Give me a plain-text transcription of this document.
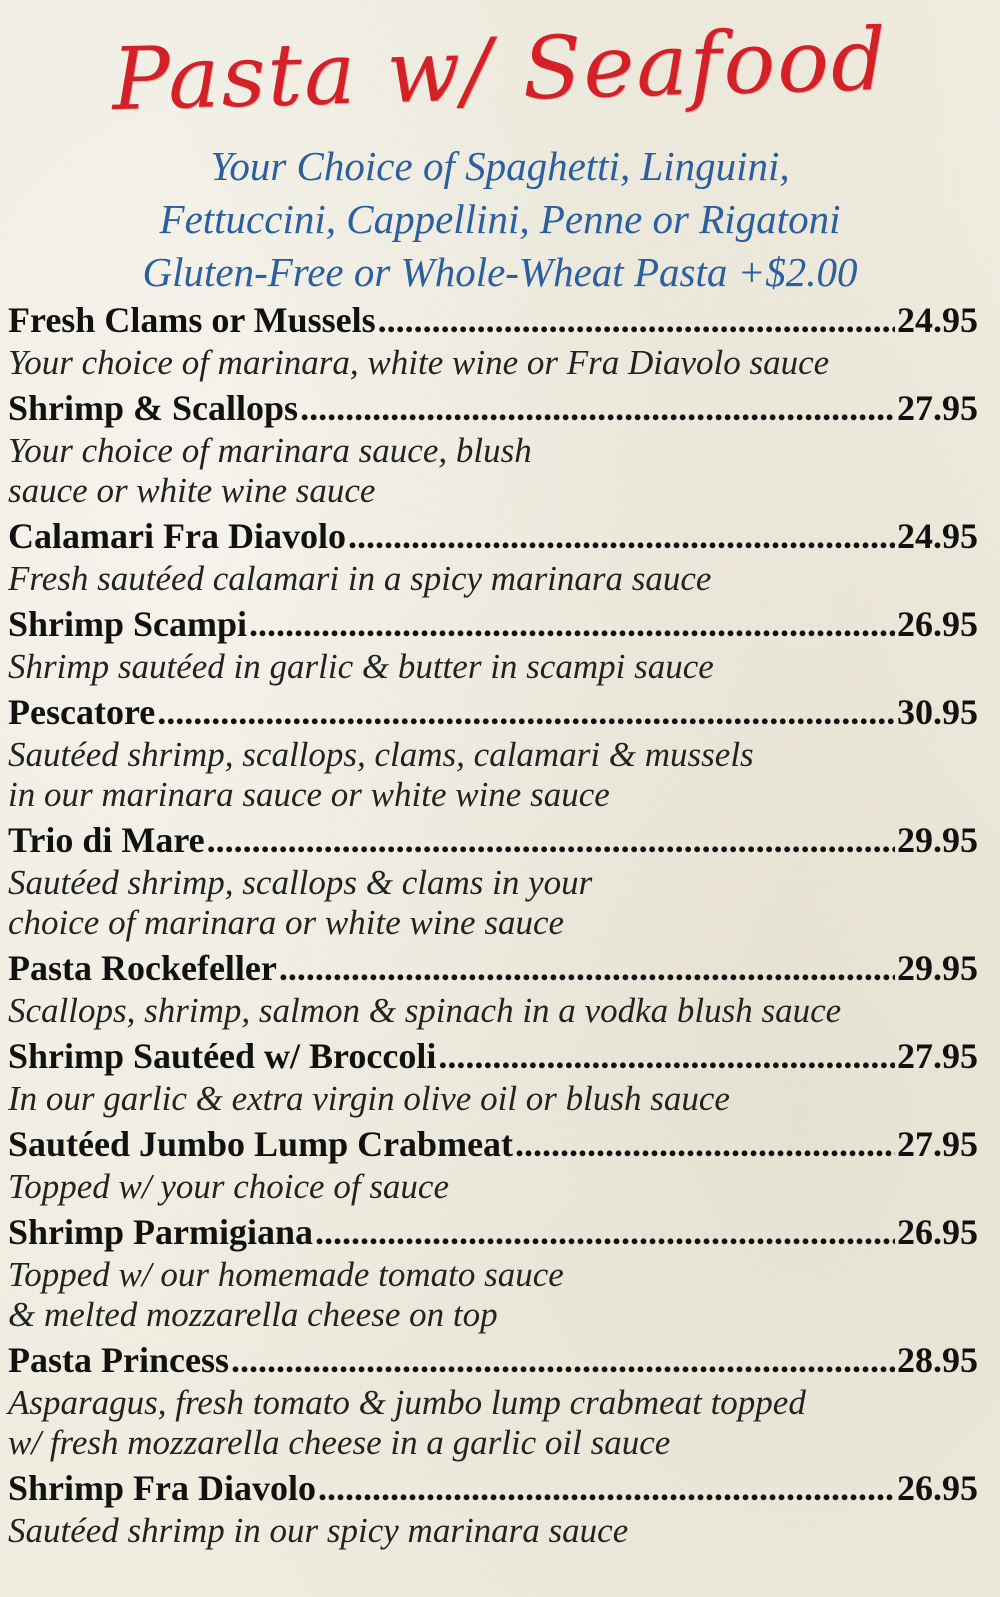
Pasta w/ Seafood
Your Choice of Spaghetti, Linguini,
Fettuccini, Cappellini, Penne or Rigatoni
Gluten-Free or Whole-Wheat Pasta +$2.00
Fresh Clams or Mussels .....	24.95
Your choice of marinara, white wine or Fra Diavolo sauce
Shrimp & Scallops .....	27.95
Your choice of marinara sauce, blush
sauce or white wine sauce
Calamari Fra Diavolo .....	24.95
Fresh sautéed calamari in a spicy marinara sauce
Shrimp Scampi .....	26.95
Shrimp sautéed in garlic & butter in scampi sauce
Pescatore .....	30.95
Sautéed shrimp, scallops, clams, calamari & mussels
in our marinara sauce or white wine sauce
Trio di Mare .....	29.95
Sautéed shrimp, scallops & clams in your
choice of marinara or white wine sauce
Pasta Rockefeller .....	29.95
Scallops, shrimp, salmon & spinach in a vodka blush sauce
Shrimp Sautéed w/ Broccoli .....	27.95
In our garlic & extra virgin olive oil or blush sauce
Sautéed Jumbo Lump Crabmeat .....	27.95
Topped w/ your choice of sauce
Shrimp Parmigiana .....	26.95
Topped w/ our homemade tomato sauce
& melted mozzarella cheese on top
Pasta Princess .....	28.95
Asparagus, fresh tomato & jumbo lump crabmeat topped
w/ fresh mozzarella cheese in a garlic oil sauce
Shrimp Fra Diavolo .....	26.95
Sautéed shrimp in our spicy marinara sauce
